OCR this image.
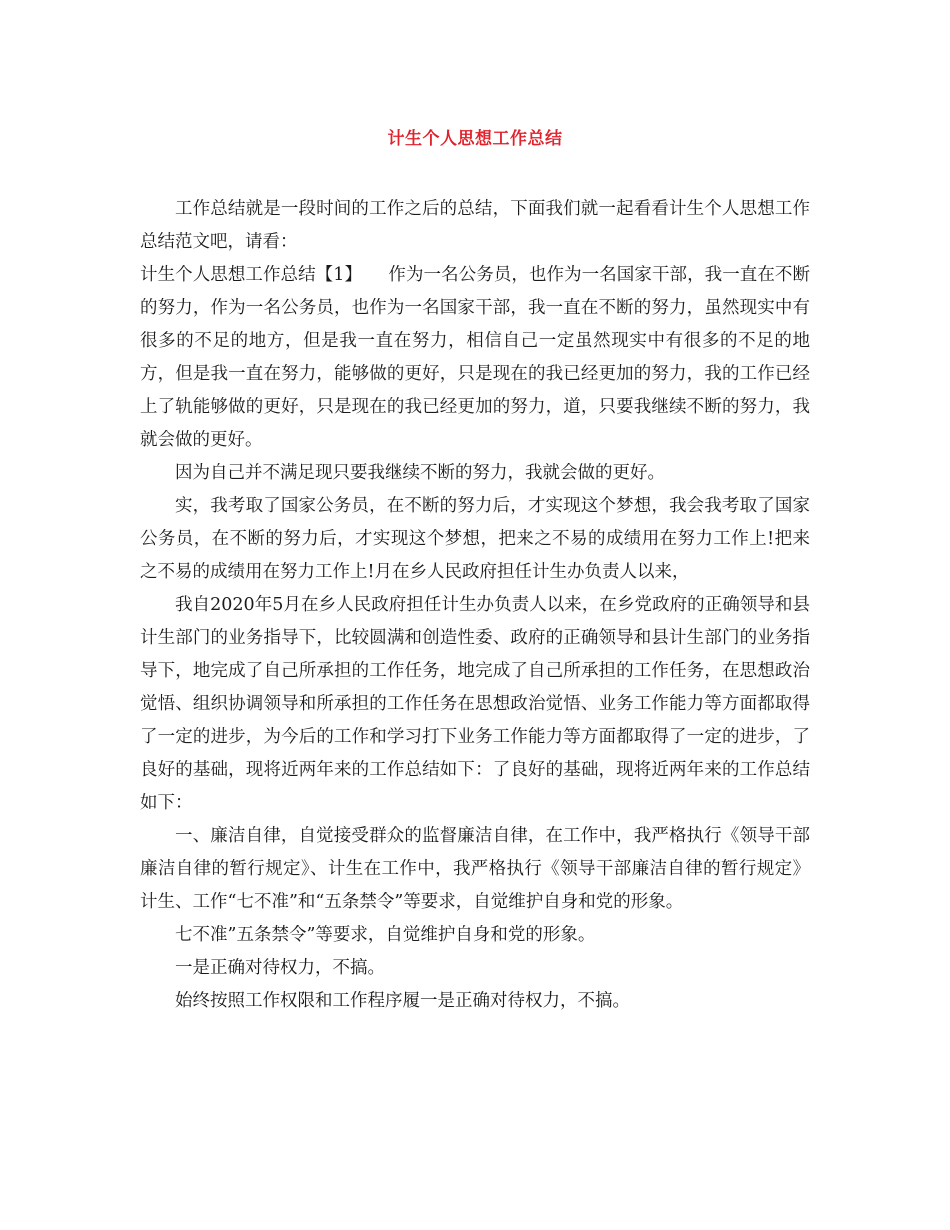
计生个人思想工作总结

工作总结就是一段时间的工作之后的总结，下面我们就一起看看计生个人思想工作总结范文吧，请看：

计生个人思想工作总结【1】　　作为一名公务员，也作为一名国家干部，我一直在不断的努力，作为一名公务员，也作为一名国家干部，我一直在不断的努力，虽然现实中有很多的不足的地方，但是我一直在努力，相信自己一定虽然现实中有很多的不足的地方，但是我一直在努力，能够做的更好，只是现在的我已经更加的努力，我的工作已经上了轨能够做的更好，只是现在的我已经更加的努力，道，只要我继续不断的努力，我就会做的更好。

因为自己并不满足现只要我继续不断的努力，我就会做的更好。

实，我考取了国家公务员，在不断的努力后，才实现这个梦想，我会我考取了国家公务员，在不断的努力后，才实现这个梦想，把来之不易的成绩用在努力工作上!把来之不易的成绩用在努力工作上!月在乡人民政府担任计生办负责人以来，

我自2020年5月在乡人民政府担任计生办负责人以来，在乡党政府的正确领导和县计生部门的业务指导下，比较圆满和创造性委、政府的正确领导和县计生部门的业务指导下，地完成了自己所承担的工作任务，地完成了自己所承担的工作任务，在思想政治觉悟、组织协调领导和所承担的工作任务在思想政治觉悟、业务工作能力等方面都取得了一定的进步，为今后的工作和学习打下业务工作能力等方面都取得了一定的进步，了良好的基础，现将近两年来的工作总结如下：了良好的基础，现将近两年来的工作总结如下：

一、廉洁自律，自觉接受群众的监督廉洁自律，在工作中，我严格执行《领导干部廉洁自律的暂行规定》、计生在工作中，我严格执行《领导干部廉洁自律的暂行规定》计生、工作“七不准”和“五条禁令”等要求，自觉维护自身和党的形象。

七不准”五条禁令”等要求，自觉维护自身和党的形象。

一是正确对待权力，不搞。

始终按照工作权限和工作程序履一是正确对待权力，不搞。
